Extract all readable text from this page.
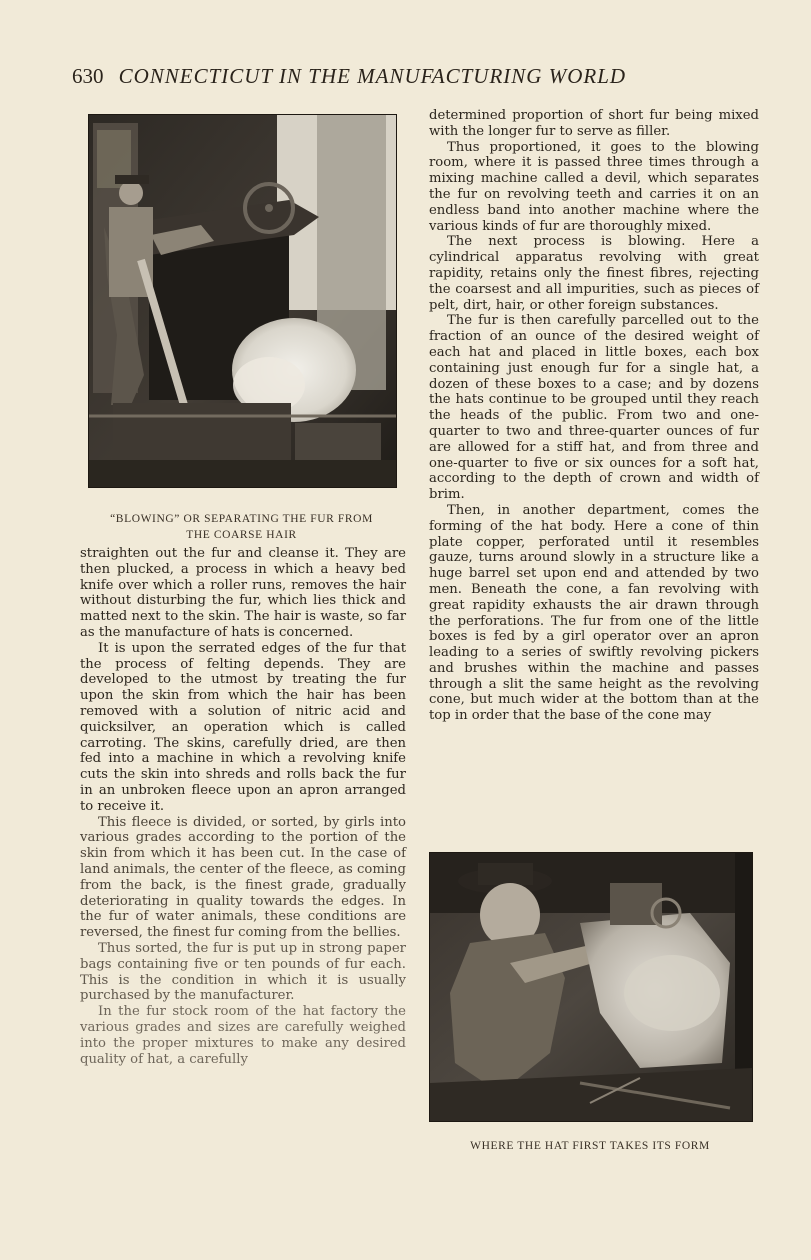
630 CONNECTICUT IN THE MANUFACTURING WORLD
“BLOWING” OR SEPARATING THE FUR FROM
THE COARSE HAIR

straighten out the fur and cleanse it. They are then plucked, a process in which a heavy bed knife over which a roller runs, removes the hair without disturbing the fur, which lies thick and matted next to the skin. The hair is waste, so far as the manufacture of hats is concerned.

It is upon the serrated edges of the fur that the process of felting depends. They are developed to the utmost by treating the fur upon the skin from which the hair has been removed with a solution of nitric acid and quicksilver, an operation which is called carroting. The skins, carefully dried, are then fed into a machine in which a revolving knife cuts the skin into shreds and rolls back the fur in an unbroken fleece upon an apron arranged to receive it.

This fleece is divided, or sorted, by girls into various grades according to the portion of the skin from which it has been cut. In the case of land animals, the center of the fleece, as coming from the back, is the finest grade, gradually deteriorating in quality towards the edges. In the fur of water animals, these conditions are reversed, the finest fur coming from the bellies.

Thus sorted, the fur is put up in strong paper bags containing five or ten pounds of fur each. This is the condition in which it is usually purchased by the manufacturer.

In the fur stock room of the hat factory the various grades and sizes are carefully weighed into the proper mixtures to make any desired quality of hat, a carefully

determined proportion of short fur being mixed with the longer fur to serve as filler.

Thus proportioned, it goes to the blowing room, where it is passed three times through a mixing machine called a devil, which separates the fur on revolving teeth and carries it on an endless band into another machine where the various kinds of fur are thoroughly mixed.

The next process is blowing. Here a cylindrical apparatus revolving with great rapidity, retains only the finest fibres, rejecting the coarsest and all impurities, such as pieces of pelt, dirt, hair, or other foreign substances.

The fur is then carefully parcelled out to the fraction of an ounce of the desired weight of each hat and placed in little boxes, each box containing just enough fur for a single hat, a dozen of these boxes to a case; and by dozens the hats continue to be grouped until they reach the heads of the public. From two and one-quarter to two and three-quarter ounces of fur are allowed for a stiff hat, and from three and one-quarter to five or six ounces for a soft hat, according to the depth of crown and width of brim.

Then, in another department, comes the forming of the hat body. Here a cone of thin plate copper, perforated until it resembles gauze, turns around slowly in a structure like a huge barrel set upon end and attended by two men. Beneath the cone, a fan revolving with great rapidity exhausts the air drawn through the perforations. The fur from one of the little boxes is fed by a girl operator over an apron leading to a series of swiftly revolving pickers and brushes within the machine and passes through a slit the same height as the revolving cone, but much wider at the bottom than at the top in order that the base of the cone may

WHERE THE HAT FIRST TAKES ITS FORM
